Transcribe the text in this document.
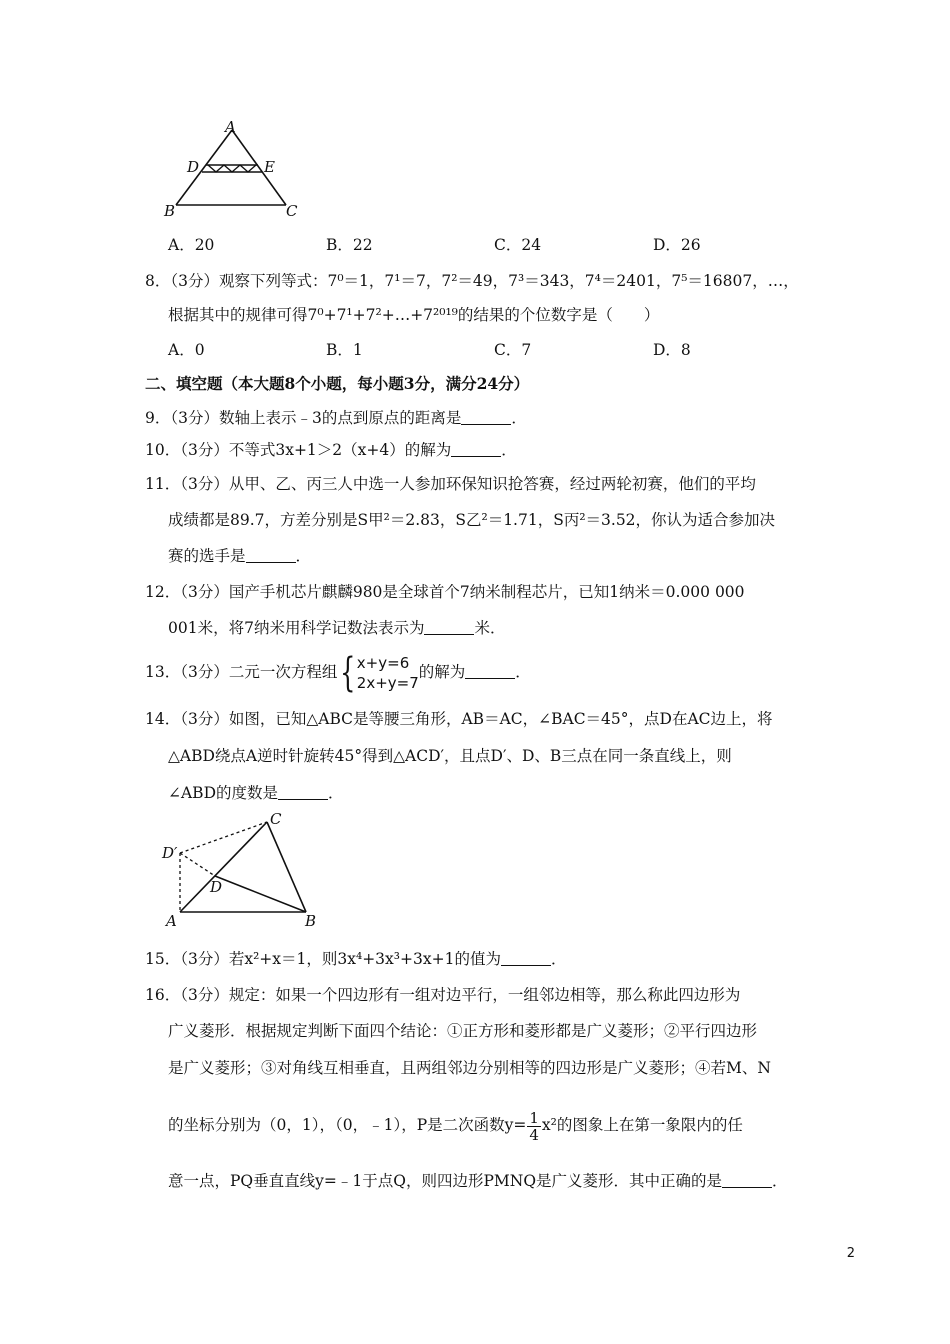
A
D	E
B	C
A．20	B．22	C．24	D．26
8．（3分）观察下列等式：7⁰＝1，7¹＝7，7²＝49，7³＝343，7⁴＝2401，7⁵＝16807，…，
根据其中的规律可得7⁰+7¹+7²+…+7²⁰¹⁹的结果的个位数字是（　　）
A．0	B．1	C．7	D．8
二、填空题（本大题8个小题，每小题3分，满分24分）
9．（3分）数轴上表示﹣3的点到原点的距离是	．
10．（3分）不等式3x+1＞2（x+4）的解为	．
11．（3分）从甲、乙、丙三人中选一人参加环保知识抢答赛，经过两轮初赛，他们的平均
成绩都是89.7，方差分别是S甲²＝2.83，S乙²＝1.71，S丙²＝3.52，你认为适合参加决
赛的选手是	．
12．（3分）国产手机芯片麒麟980是全球首个7纳米制程芯片，已知1纳米＝0.000 000
001米，将7纳米用科学记数法表示为	米．
13．（3分）二元一次方程组{ x+y=6
2x+y=7
的解为	．
14．（3分）如图，已知△ABC是等腰三角形，AB＝AC，∠BAC＝45°，点D在AC边上，将
△ABD绕点A逆时针旋转45°得到△ACD′，且点D′、D、B三点在同一条直线上，则
∠ABD的度数是	．
C
D′
D
A	B
15．（3分）若x²+x＝1，则3x⁴+3x³+3x+1的值为	．
16．（3分）规定：如果一个四边形有一组对边平行，一组邻边相等，那么称此四边形为
广义菱形．根据规定判断下面四个结论：①正方形和菱形都是广义菱形；②平行四边形
是广义菱形；③对角线互相垂直，且两组邻边分别相等的四边形是广义菱形；④若M、N
的坐标分别为（0，1），（0，﹣1），P是二次函数$y= \frac{1}{4} x^2$的图象上在第一象限内的任
意一点，PQ垂直直线y=﹣1于点Q，则四边形PMNQ是广义菱形．其中正确的是	．
2
